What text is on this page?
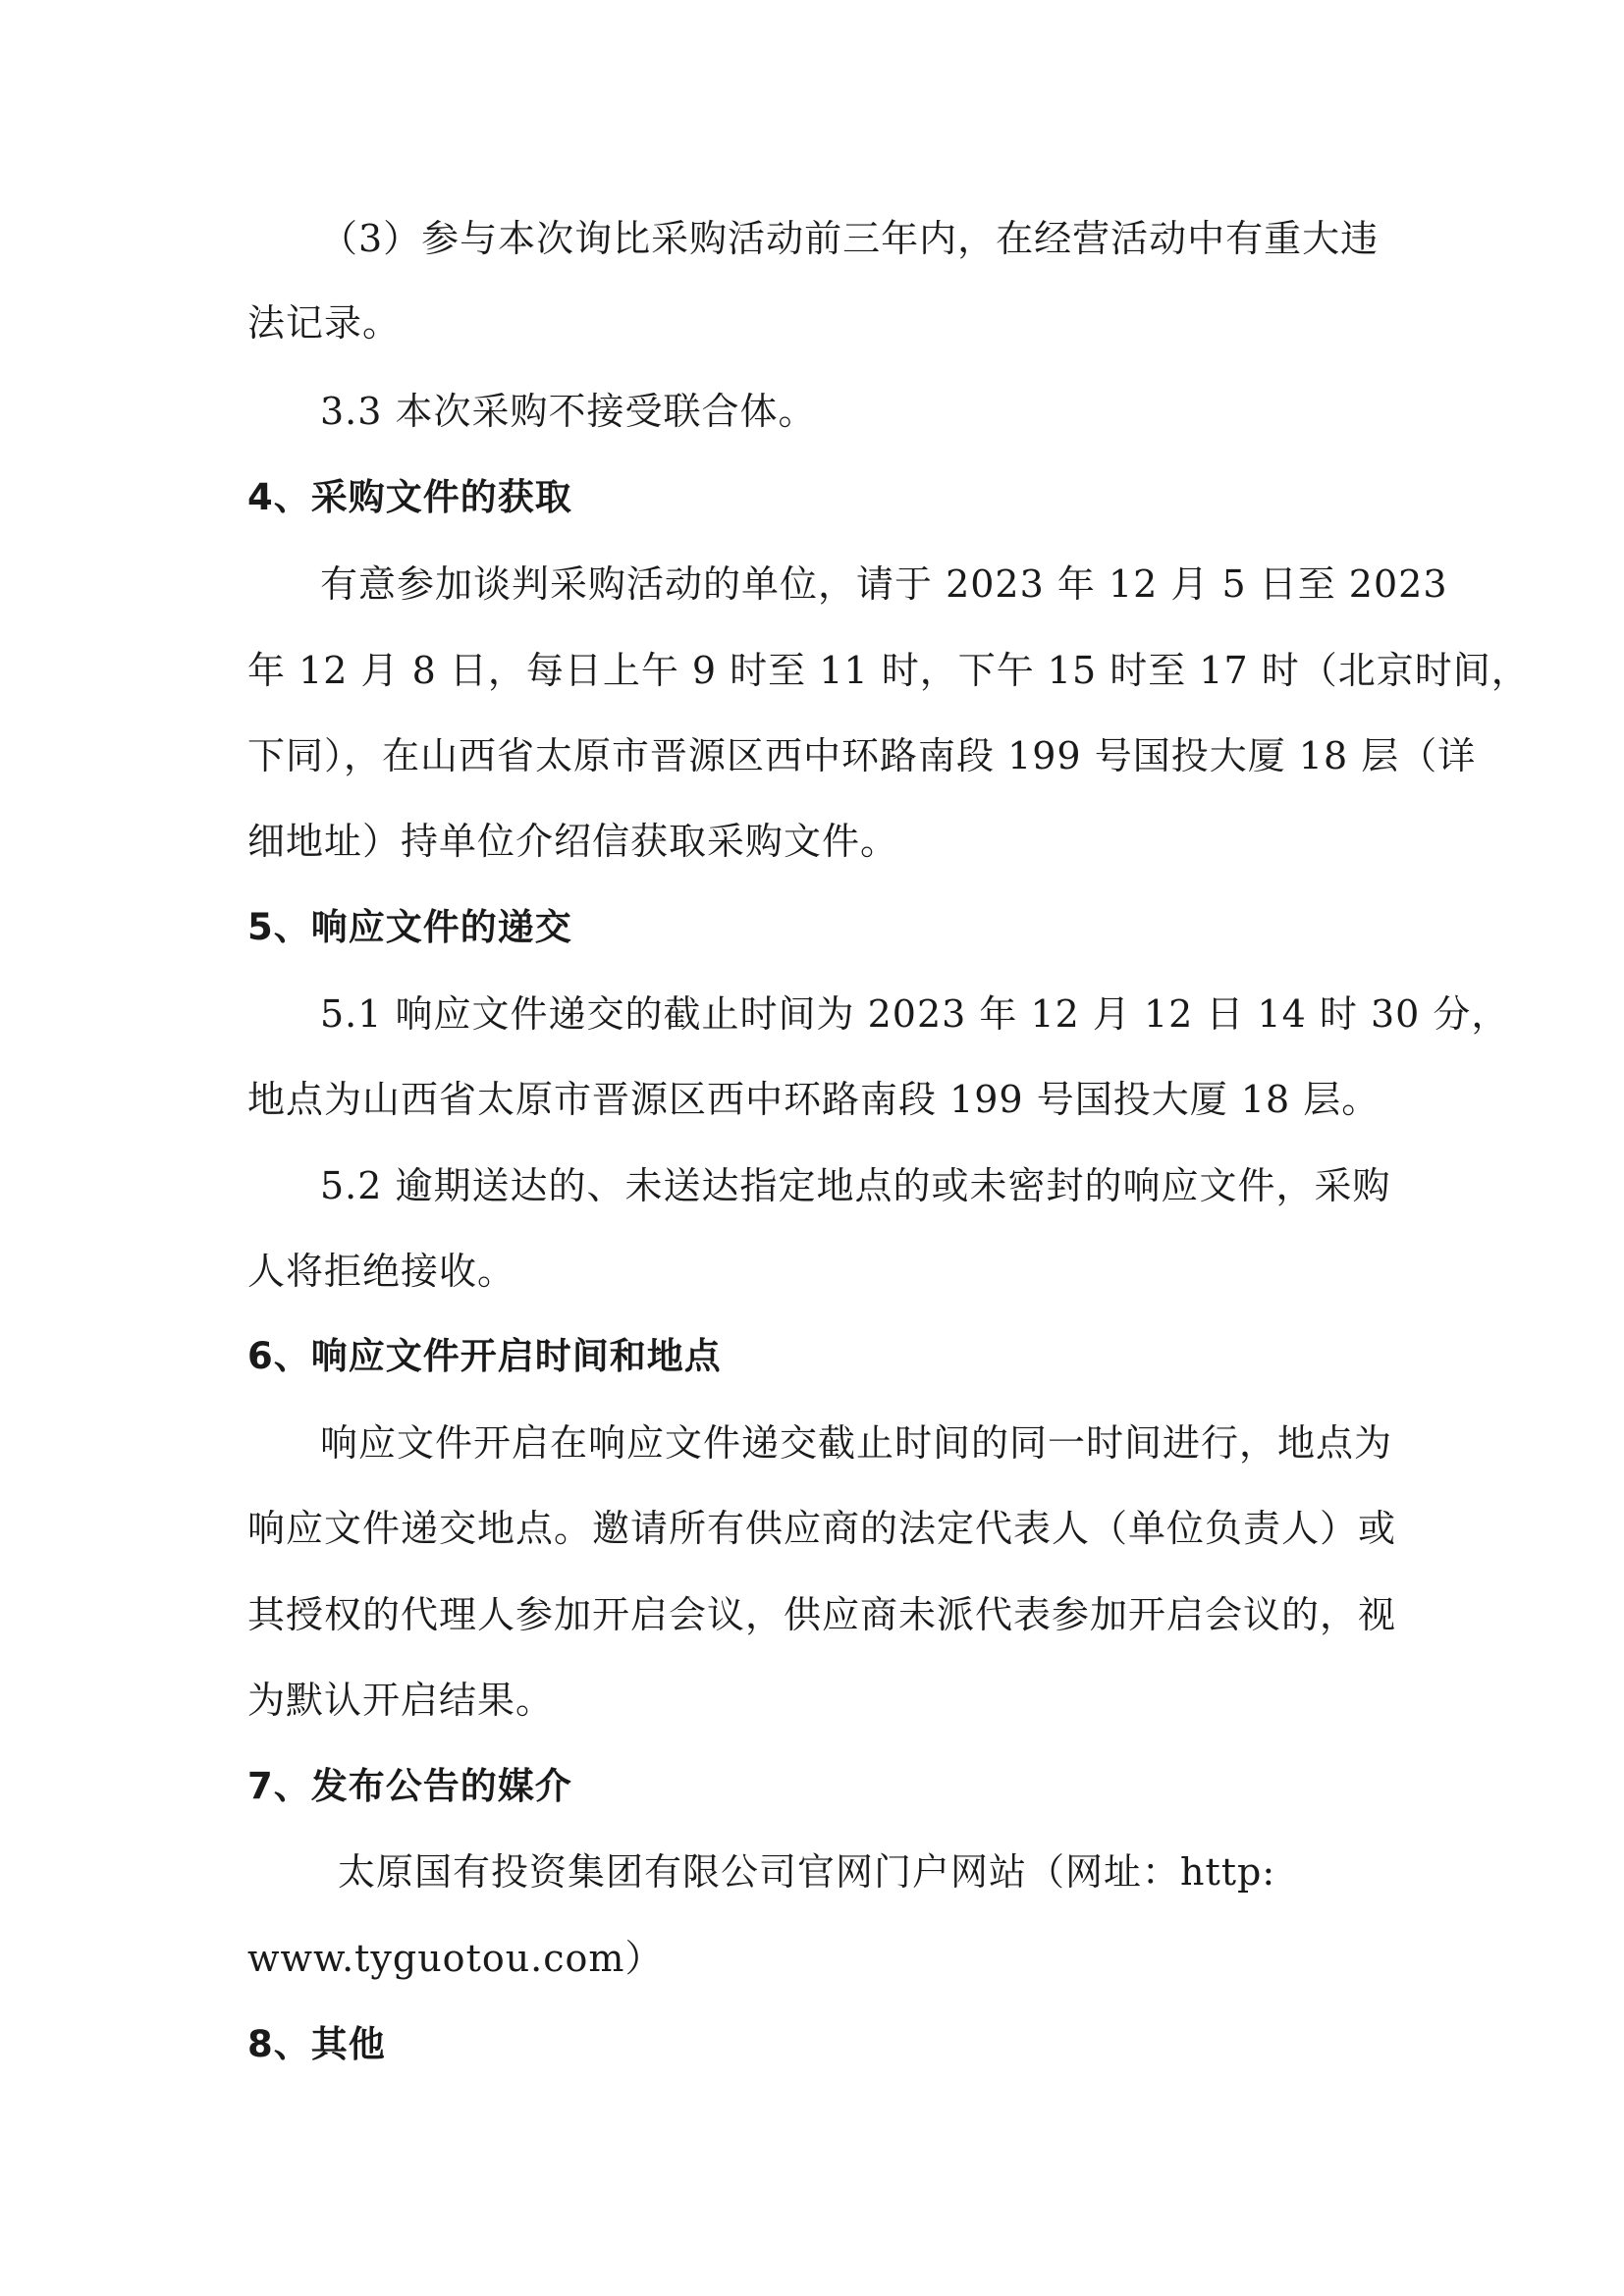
（3）参与本次询比采购活动前三年内，在经营活动中有重大违
法记录。
3.3 本次采购不接受联合体。
4、采购文件的获取
有意参加谈判采购活动的单位，请于 2023 年 12 月 5 日至 2023
年 12 月 8 日，每日上午 9 时至 11 时，下午 15 时至 17 时（北京时间，
下同），在山西省太原市晋源区西中环路南段 199 号国投大厦 18 层（详
细地址）持单位介绍信获取采购文件。
5、响应文件的递交
5.1 响应文件递交的截止时间为 2023 年 12 月 12 日 14 时 30 分，
地点为山西省太原市晋源区西中环路南段 199 号国投大厦 18 层。
5.2 逾期送达的、未送达指定地点的或未密封的响应文件，采购
人将拒绝接收。
6、响应文件开启时间和地点
响应文件开启在响应文件递交截止时间的同一时间进行，地点为
响应文件递交地点。邀请所有供应商的法定代表人（单位负责人）或
其授权的代理人参加开启会议，供应商未派代表参加开启会议的，视
为默认开启结果。
7、发布公告的媒介
太原国有投资集团有限公司官网门户网站（网址：http:
www.tyguotou.com）
8、其他
